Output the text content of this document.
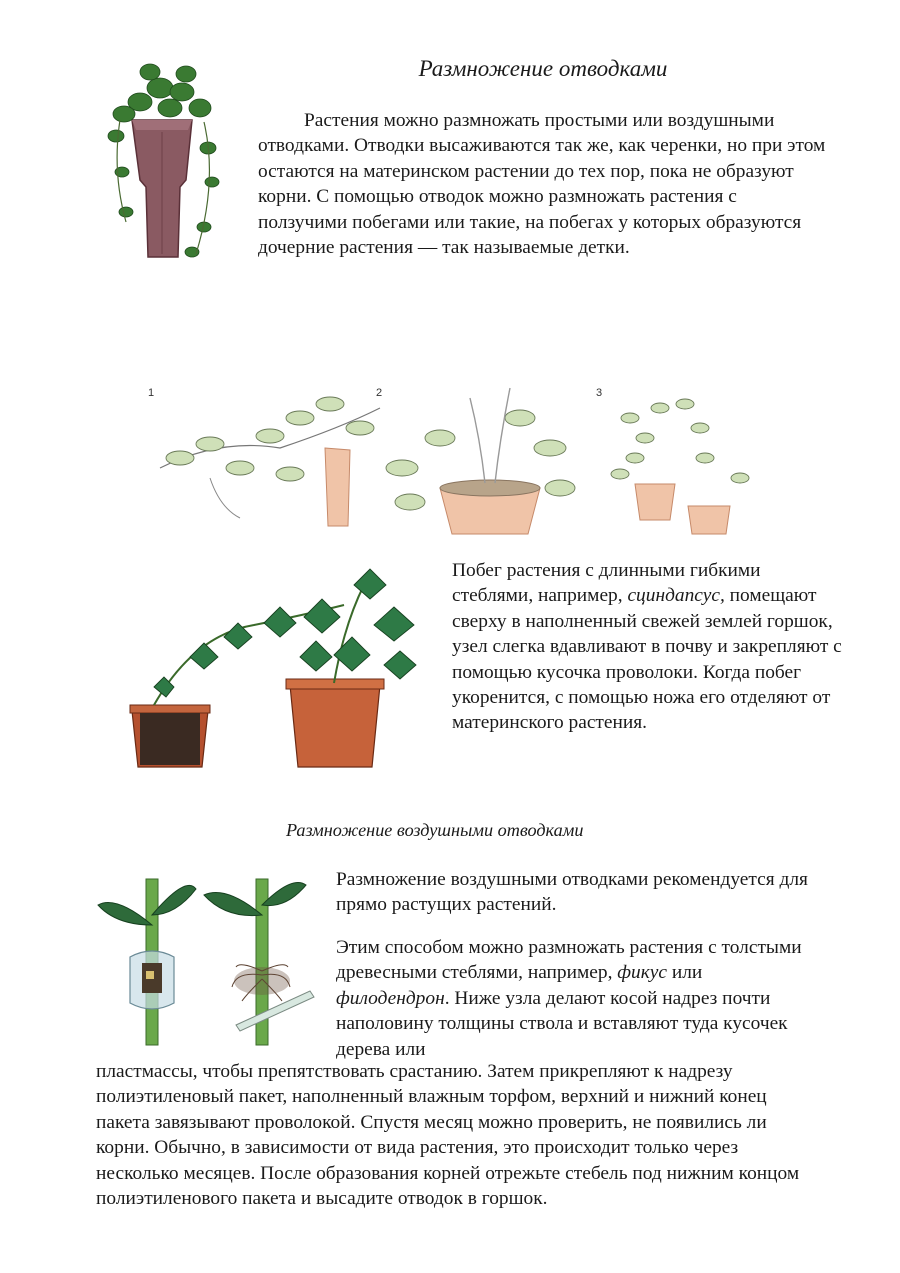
Размножение отводками

Растения можно размножать простыми или воздушными отводками. Отводки высаживаются так же, как черенки, но при этом остаются на материнском растении до тех пор, пока не образуют корни. С помощью отводок можно размножать растения с ползучими побегами или такие, на побегах у которых образуются дочерние растения — так называемые детки.

1	2	3

Побег растения с длинными гибкими стеблями, например, сциндапсус, помещают сверху в наполненный свежей землей горшок, узел слегка вдавливают в почву и закрепляют с помощью кусочка проволоки. Когда побег укоренится, с помощью ножа его отделяют от материнского растения.

Размножение воздушными отводками

Размножение воздушными отводками рекомендуется для прямо растущих растений.

Этим способом можно размножать растения с толстыми древесными стеблями, например, фикус или филодендрон. Ниже узла делают косой надрез почти наполовину толщины ствола и вставляют туда кусочек дерева или

пластмассы, чтобы препятствовать срастанию. Затем прикрепляют к надрезу полиэтиленовый пакет, наполненный влажным торфом, верхний и нижний конец пакета завязывают проволокой. Спустя месяц можно проверить, не появились ли корни. Обычно, в зависимости от вида растения, это происходит только через несколько месяцев. После образования корней отрежьте стебель под нижним концом полиэтиленового пакета и высадите отводок в горшок.
